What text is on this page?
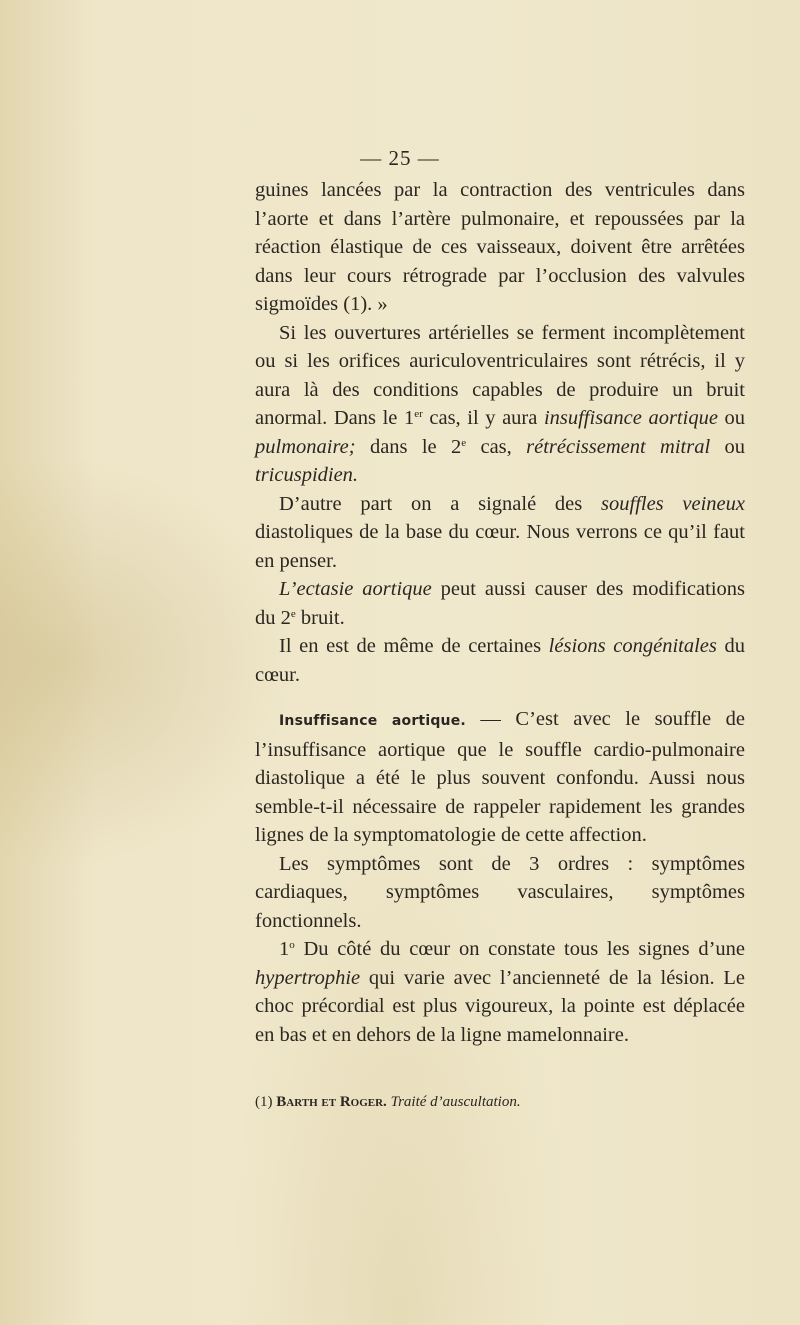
— 25 —

guines lancées par la contraction des ventricules dans l’aorte et dans l’artère pulmonaire, et repoussées par la réaction élastique de ces vaisseaux, doivent être arrêtées dans leur cours rétrograde par l’occlusion des valvules sigmoïdes (1). »

Si les ouvertures artérielles se ferment incomplètement ou si les orifices auriculoventriculaires sont rétrécis, il y aura là des conditions capables de produire un bruit anormal. Dans le 1er cas, il y aura insuffisance aortique ou pulmonaire; dans le 2e cas, rétrécissement mitral ou tricuspidien.

D’autre part on a signalé des souffles veineux diastoliques de la base du cœur. Nous verrons ce qu’il faut en penser.

L’ectasie aortique peut aussi causer des modifications du 2e bruit.

Il en est de même de certaines lésions congénitales du cœur.

Insuffisance aortique. — C’est avec le souffle de l’insuffisance aortique que le souffle cardio-pulmonaire diastolique a été le plus souvent confondu. Aussi nous semble-t-il nécessaire de rappeler rapidement les grandes lignes de la symptomatologie de cette affection.

Les symptômes sont de 3 ordres : symptômes cardiaques, symptômes vasculaires, symptômes fonctionnels.

1$^o$ Du côté du cœur on constate tous les signes d’une hypertrophie qui varie avec l’ancienneté de la lésion. Le choc précordial est plus vigoureux, la pointe est déplacée en bas et en dehors de la ligne mamelonnaire.

(1) Barth et Roger. Traité d’auscultation.
